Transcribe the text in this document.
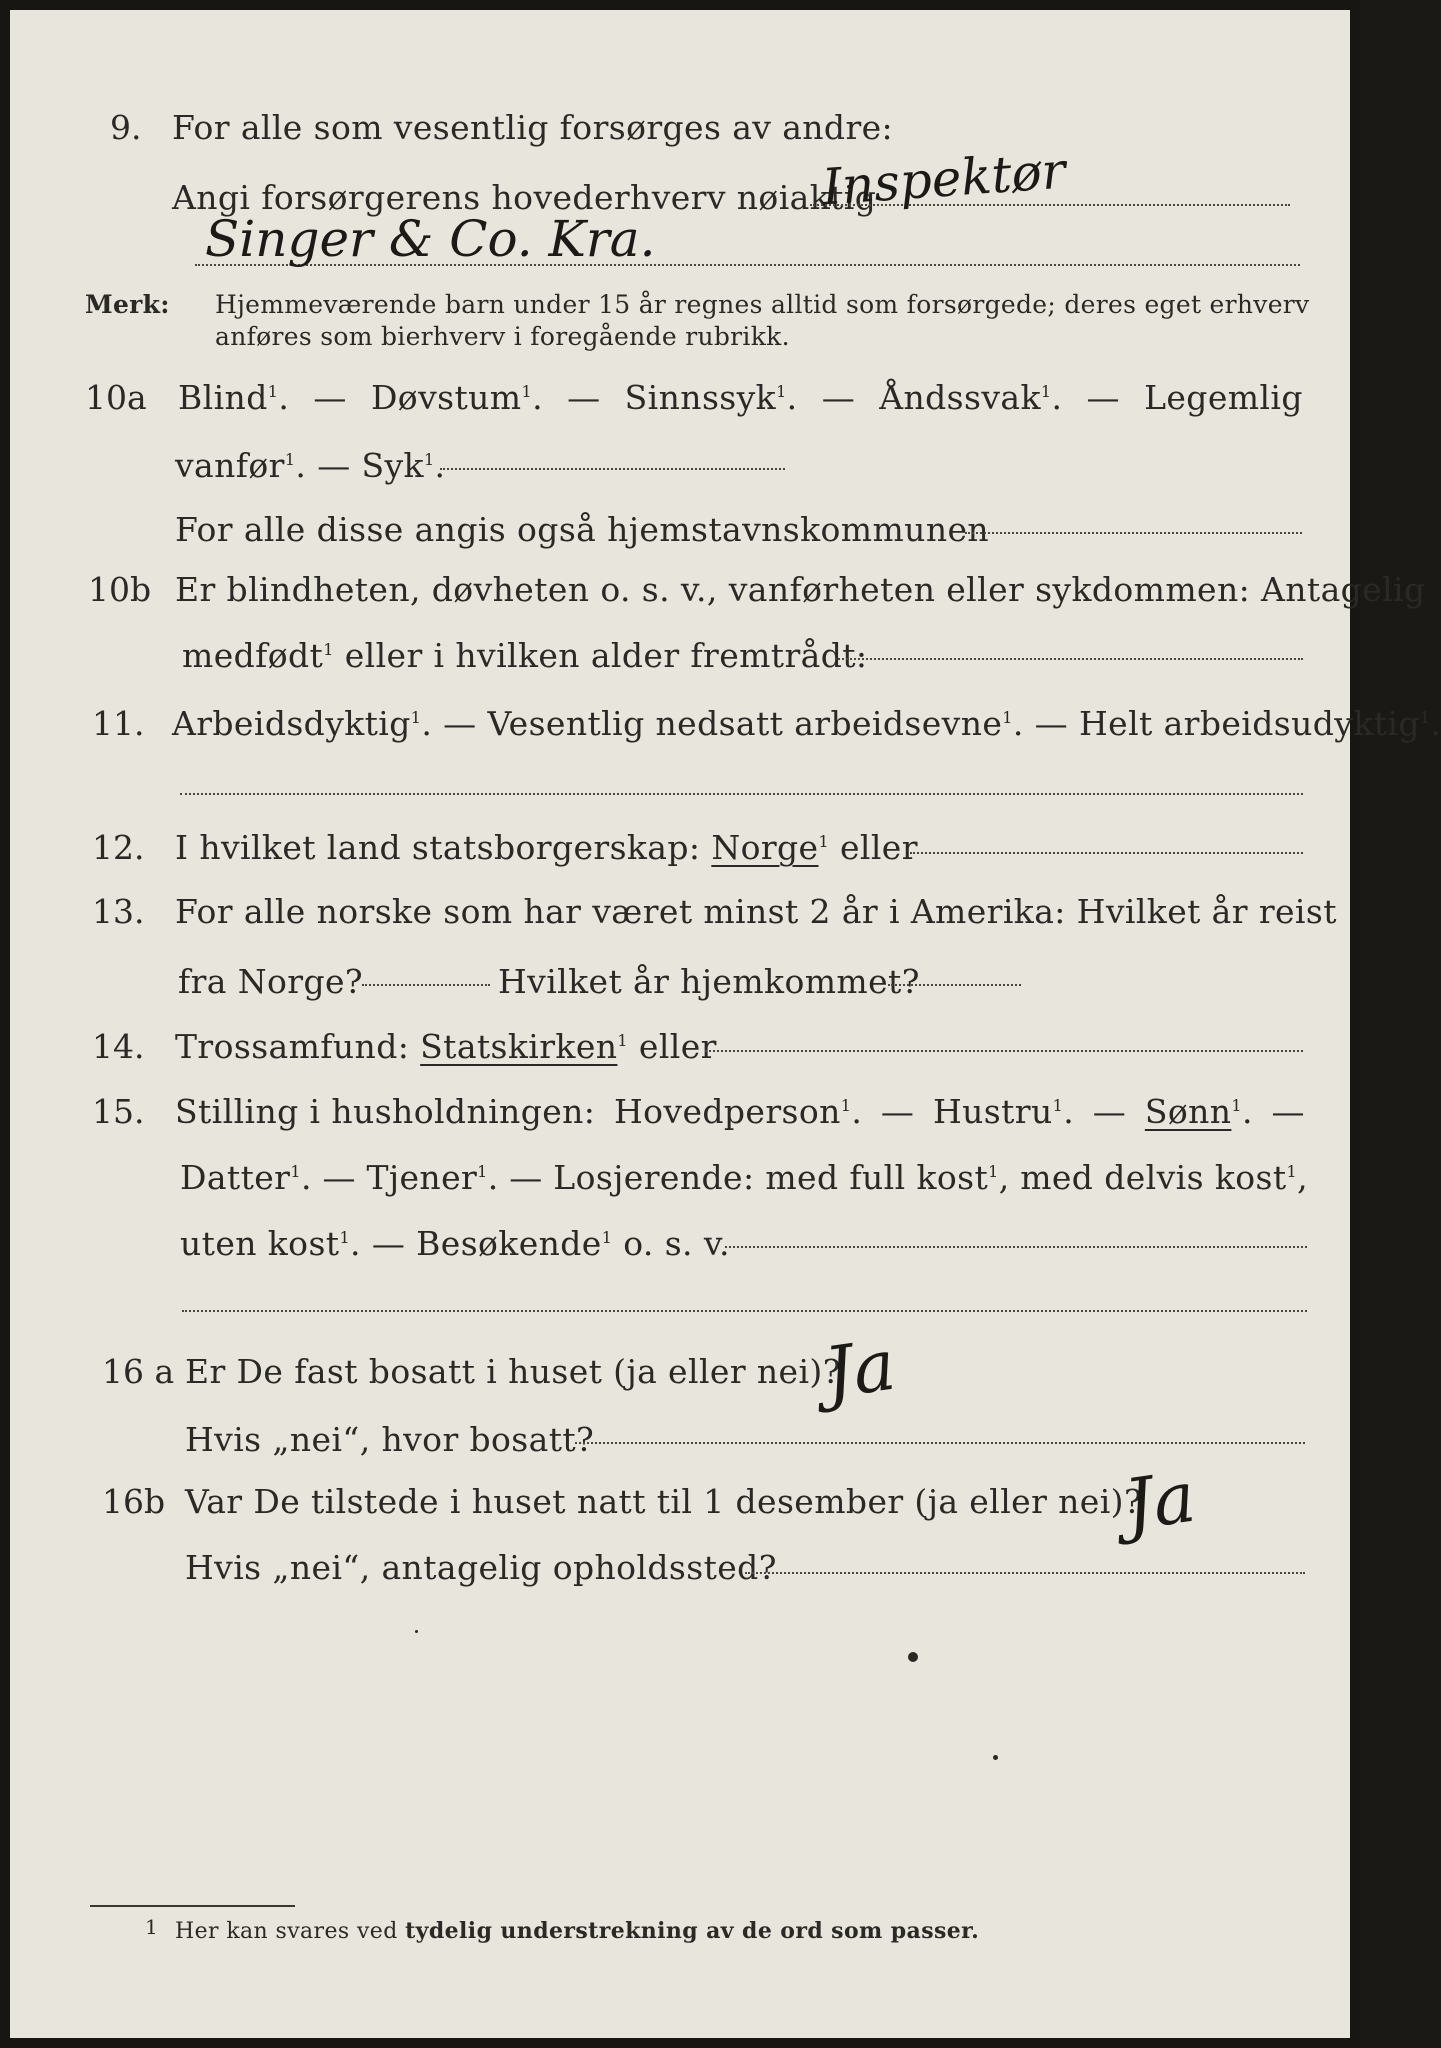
9. For alle som vesentlig forsørges av andre:
Angi forsørgerens hovederhverv nøiaktig
Inspektør
Singer & Co. Kra.
Merk: Hjemmeværende barn under 15 år regnes alltid som forsørgede; deres eget erhverv
anføres som bierhverv i foregående rubrikk.
10a Blind$^1$. — Døvstum$^1$. — Sinnssyk$^1$. — Åndssvak$^1$. — Legemlig
vanfør$^1$. — Syk$^1$.
For alle disse angis også hjemstavnskommunen
10b Er blindheten, døvheten o. s. v., vanførheten eller sykdommen: Antagelig
medfødt$^1$ eller i hvilken alder fremtrådt:
11. Arbeidsdyktig$^1$. — Vesentlig nedsatt arbeidsevne$^1$. — Helt arbeidsudyktig$^1$.
12. I hvilket land statsborgerskap: Norge$^1$ eller
13. For alle norske som har været minst 2 år i Amerika: Hvilket år reist
fra Norge?	Hvilket år hjemkommet?
14. Trossamfund: Statskirken$^1$ eller
15. Stilling i husholdningen: Hovedperson$^1$. — Hustru$^1$. — Sønn$^1$. —
Datter$^1$. — Tjener$^1$. — Losjerende: med full kost$^1$, med delvis kost$^1$,
uten kost$^1$. — Besøkende$^1$ o. s. v.
16 a Er De fast bosatt i huset (ja eller nei)?
Ja
Hvis „nei“, hvor bosatt?
16b Var De tilstede i huset natt til 1 desember (ja eller nei)?
Ja
Hvis „nei“, antagelig opholdssted?
1 Her kan svares ved tydelig understrekning av de ord som passer.
